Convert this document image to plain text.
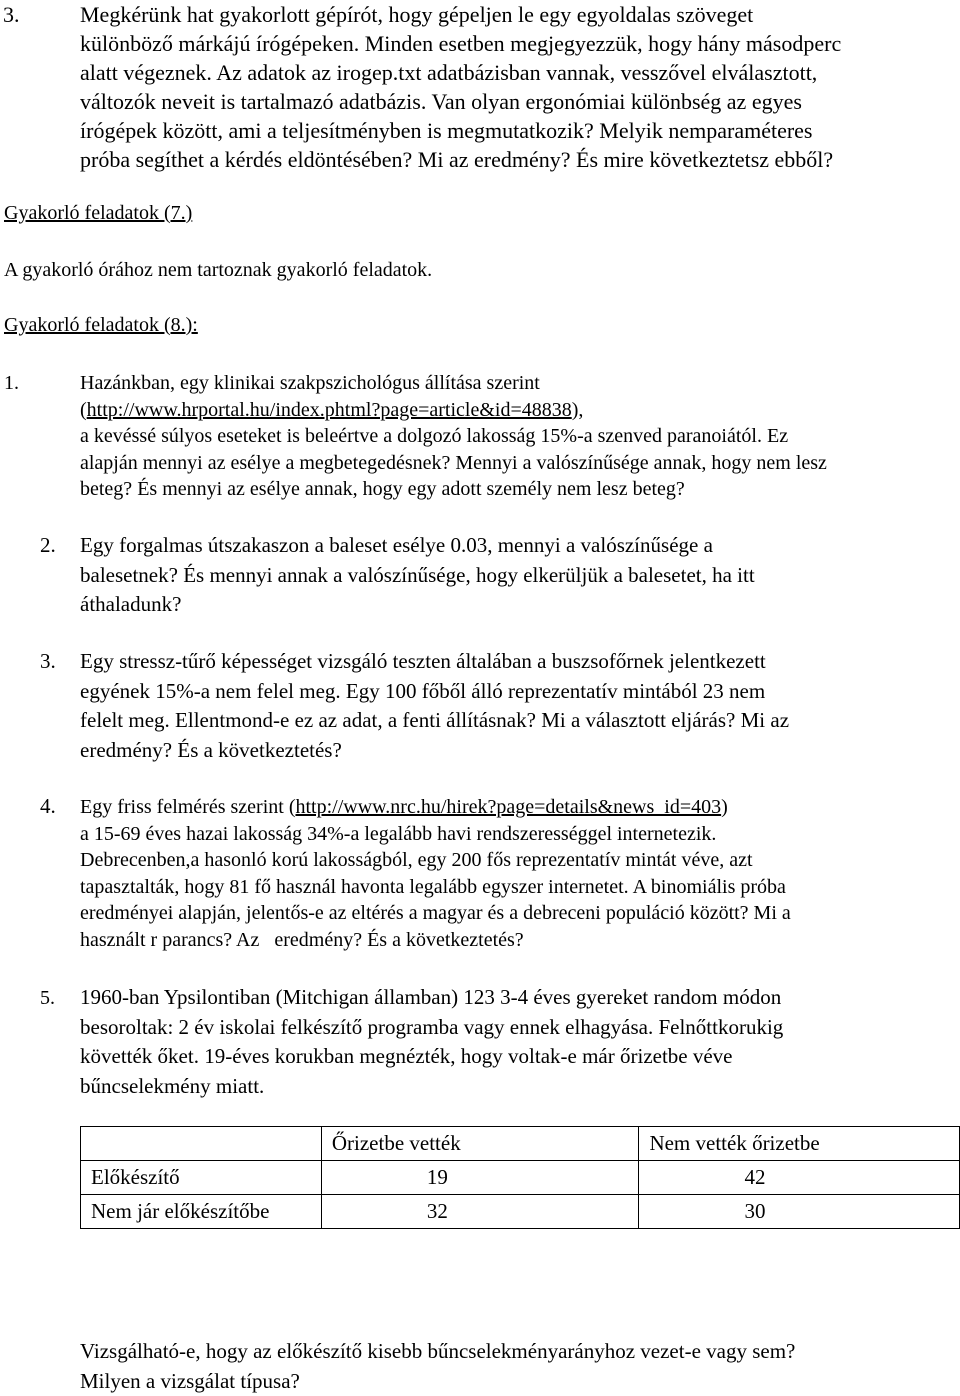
3.	Megkérünk hat gyakorlott gépírót, hogy gépeljen le egy egyoldalas szöveget
különböző márkájú írógépeken. Minden esetben megjegyezzük, hogy hány másodperc
alatt végeznek. Az adatok az irogep.txt adatbázisban vannak, vesszővel elválasztott,
változók neveit is tartalmazó adatbázis. Van olyan ergonómiai különbség az egyes
írógépek között, ami a teljesítményben is megmutatkozik? Melyik nemparaméteres
próba segíthet a kérdés eldöntésében? Mi az eredmény? És mire következtetsz ebből?
Gyakorló feladatok (7.)
A gyakorló órához nem tartoznak gyakorló feladatok.
Gyakorló feladatok (8.):
1.	Hazánkban, egy klinikai szakpszichológus állítása szerint
(http://www.hrportal.hu/index.phtml?page=article&id=48838),
a kevéssé súlyos eseteket is beleértve a dolgozó lakosság 15%-a szenved paranoiától. Ez
alapján mennyi az esélye a megbetegedésnek? Mennyi a valószínűsége annak, hogy nem lesz
beteg? És mennyi az esélye annak, hogy egy adott személy nem lesz beteg?
2. Egy forgalmas útszakaszon a baleset esélye 0.03, mennyi a valószínűsége a
balesetnek? És mennyi annak a valószínűsége, hogy elkerüljük a balesetet, ha itt
áthaladunk?
3. Egy stressz-tűrő képességet vizsgáló teszten általában a buszsofőrnek jelentkezett
egyének 15%-a nem felel meg. Egy 100 főből álló reprezentatív mintából 23 nem
felelt meg. Ellentmond-e ez az adat, a fenti állításnak? Mi a választott eljárás? Mi az
eredmény? És a következtetés?
4. Egy friss felmérés szerint (http://www.nrc.hu/hirek?page=details&news_id=403)
a 15-69 éves hazai lakosság 34%-a legalább havi rendszerességgel internetezik.
Debrecenben,a hasonló korú lakosságból, egy 200 fős reprezentatív mintát véve, azt
tapasztalták, hogy 81 fő használ havonta legalább egyszer internetet. A binomiális próba
eredményei alapján, jelentős-e az eltérés a magyar és a debreceni populáció között? Mi a
használt r parancs? Az   eredmény? És a következtetés?
5. 1960-ban Ypsilontiban (Mitchigan államban) 123 3-4 éves gyereket random módon
besoroltak: 2 év iskolai felkészítő programba vagy ennek elhagyása. Felnőttkorukig
követték őket. 19-éves korukban megnézték, hogy voltak-e már őrizetbe véve
bűncselekmény miatt.
	Őrizetbe vették	Nem vették őrizetbe
Előkészítő	19	42
Nem jár előkészítőbe	32	30
Vizsgálható-e, hogy az előkészítő kisebb bűncselekményarányhoz vezet-e vagy sem?
Milyen a vizsgálat típusa?
